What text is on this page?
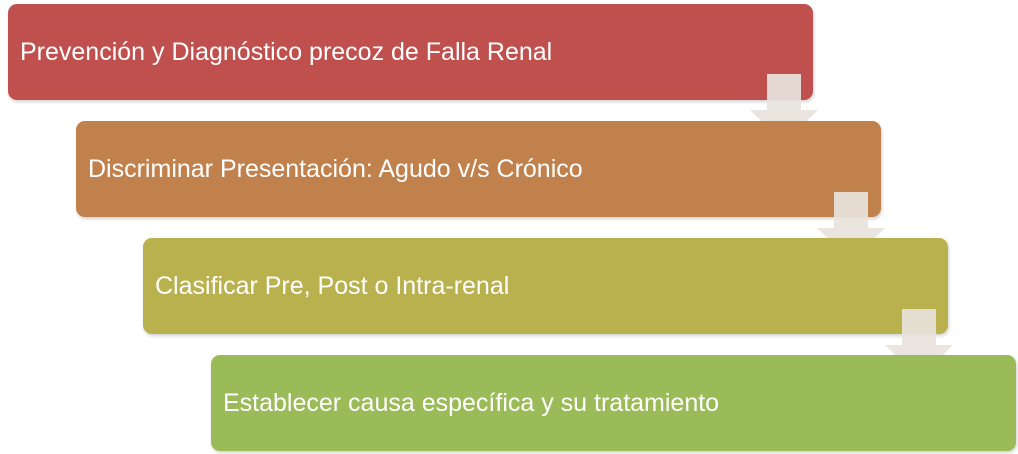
Prevención y Diagnóstico precoz de Falla Renal
Discriminar Presentación: Agudo v/s Crónico
Clasificar Pre, Post o Intra-renal
Establecer causa específica y su tratamiento
